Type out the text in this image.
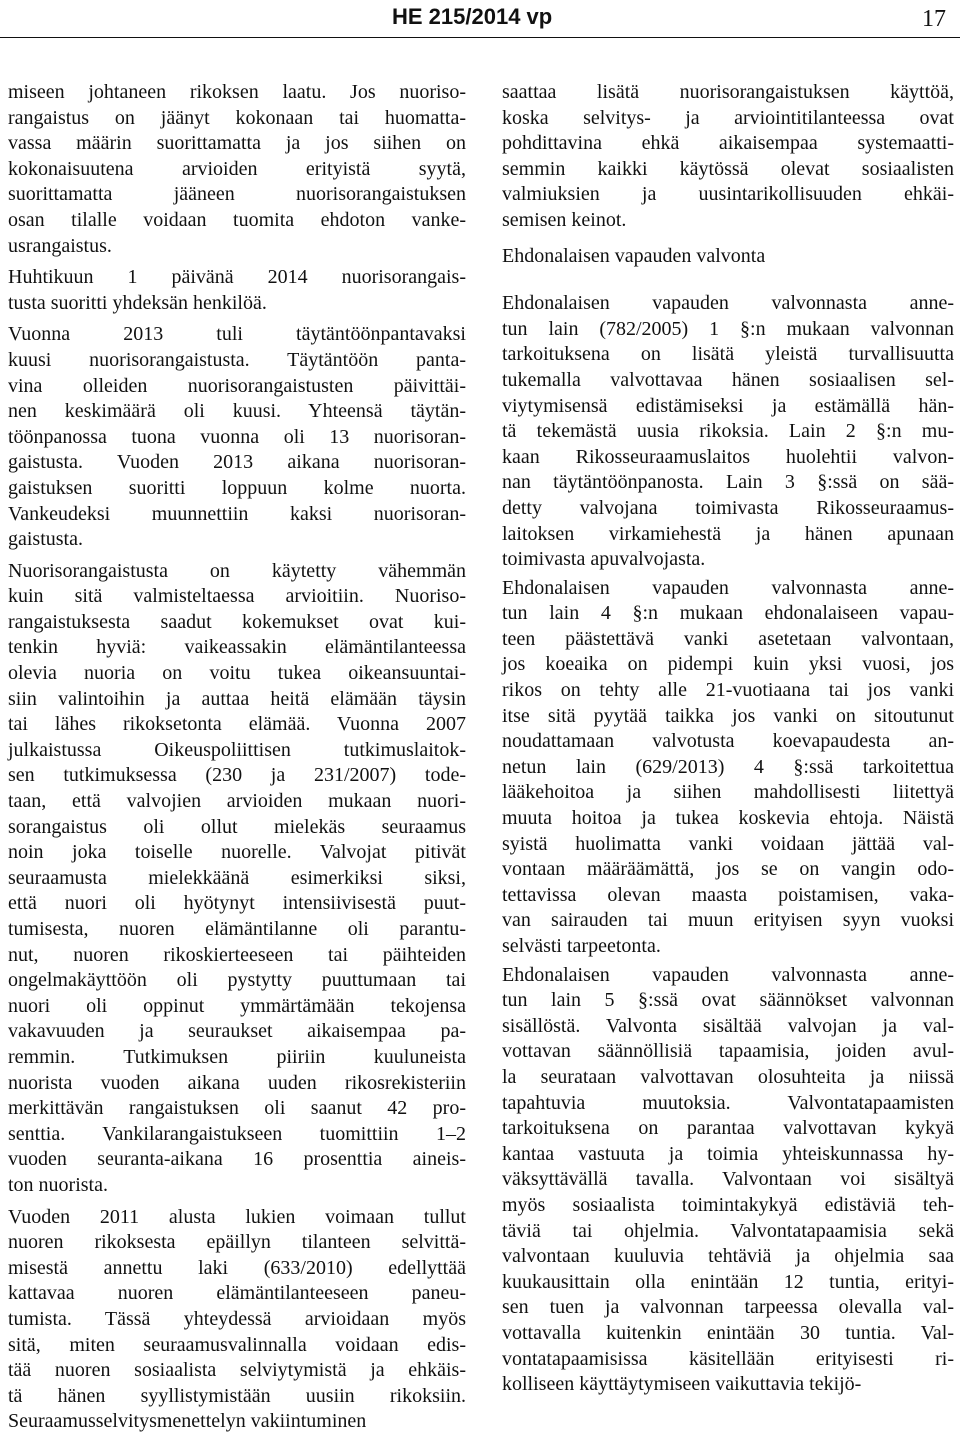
HE 215/2014 vp	17
miseen johtaneen rikoksen laatu. Jos nuoriso-
rangaistus on jäänyt kokonaan tai huomatta-
vassa määrin suorittamatta ja jos siihen on
kokonaisuutena arvioiden erityistä syytä,
suorittamatta jääneen nuorisorangaistuksen
osan tilalle voidaan tuomita ehdoton vanke-
usrangaistus.
Huhtikuun 1 päivänä 2014 nuorisorangais-
tusta suoritti yhdeksän henkilöä.
Vuonna 2013 tuli täytäntöönpantavaksi
kuusi nuorisorangaistusta. Täytäntöön panta-
vina olleiden nuorisorangaistusten päivittäi-
nen keskimäärä oli kuusi. Yhteensä täytän-
töönpanossa tuona vuonna oli 13 nuorisoran-
gaistusta. Vuoden 2013 aikana nuorisoran-
gaistuksen suoritti loppuun kolme nuorta.
Vankeudeksi muunnettiin kaksi nuorisoran-
gaistusta.
Nuorisorangaistusta on käytetty vähemmän
kuin sitä valmisteltaessa arvioitiin. Nuoriso-
rangaistuksesta saadut kokemukset ovat kui-
tenkin hyviä: vaikeassakin elämäntilanteessa
olevia nuoria on voitu tukea oikeansuuntai-
siin valintoihin ja auttaa heitä elämään täysin
tai lähes rikoksetonta elämää. Vuonna 2007
julkaistussa Oikeuspoliittisen tutkimuslaitok-
sen tutkimuksessa (230 ja 231/2007) tode-
taan, että valvojien arvioiden mukaan nuori-
sorangaistus oli ollut mielekäs seuraamus
noin joka toiselle nuorelle. Valvojat pitivät
seuraamusta mielekkäänä esimerkiksi siksi,
että nuori oli hyötynyt intensiivisestä puut-
tumisesta, nuoren elämäntilanne oli parantu-
nut, nuoren rikoskierteeseen tai päihteiden
ongelmakäyttöön oli pystytty puuttumaan tai
nuori oli oppinut ymmärtämään tekojensa
vakavuuden ja seuraukset aikaisempaa pa-
remmin. Tutkimuksen piiriin kuuluneista
nuorista vuoden aikana uuden rikosrekisteriin
merkittävän rangaistuksen oli saanut 42 pro-
senttia. Vankilarangaistukseen tuomittiin 1–2
vuoden seuranta-aikana 16 prosenttia aineis-
ton nuorista.
Vuoden 2011 alusta lukien voimaan tullut
nuoren rikoksesta epäillyn tilanteen selvittä-
misestä annettu laki (633/2010) edellyttää
kattavaa nuoren elämäntilanteeseen paneu-
tumista. Tässä yhteydessä arvioidaan myös
sitä, miten seuraamusvalinnalla voidaan edis-
tää nuoren sosiaalista selviytymistä ja ehkäis-
tä hänen syyllistymistään uusiin rikoksiin.
Seuraamusselvitysmenettelyn vakiintuminen
saattaa lisätä nuorisorangaistuksen käyttöä,
koska selvitys- ja arviointitilanteessa ovat
pohdittavina ehkä aikaisempaa systemaatti-
semmin kaikki käytössä olevat sosiaalisten
valmiuksien ja uusintarikollisuuden ehkäi-
semisen keinot.
Ehdonalaisen vapauden valvonta
Ehdonalaisen vapauden valvonnasta anne-
tun lain (782/2005) 1 §:n mukaan valvonnan
tarkoituksena on lisätä yleistä turvallisuutta
tukemalla valvottavaa hänen sosiaalisen sel-
viytymisensä edistämiseksi ja estämällä hän-
tä tekemästä uusia rikoksia. Lain 2 §:n mu-
kaan Rikosseuraamuslaitos huolehtii valvon-
nan täytäntöönpanosta. Lain 3 §:ssä on sää-
detty valvojana toimivasta Rikosseuraamus-
laitoksen virkamiehestä ja hänen apunaan
toimivasta apuvalvojasta.
Ehdonalaisen vapauden valvonnasta anne-
tun lain 4 §:n mukaan ehdonalaiseen vapau-
teen päästettävä vanki asetetaan valvontaan,
jos koeaika on pidempi kuin yksi vuosi, jos
rikos on tehty alle 21-vuotiaana tai jos vanki
itse sitä pyytää taikka jos vanki on sitoutunut
noudattamaan valvotusta koevapaudesta an-
netun lain (629/2013) 4 §:ssä tarkoitettua
lääkehoitoa ja siihen mahdollisesti liitettyä
muuta hoitoa ja tukea koskevia ehtoja. Näistä
syistä huolimatta vanki voidaan jättää val-
vontaan määräämättä, jos se on vangin odo-
tettavissa olevan maasta poistamisen, vaka-
van sairauden tai muun erityisen syyn vuoksi
selvästi tarpeetonta.
Ehdonalaisen vapauden valvonnasta anne-
tun lain 5 §:ssä ovat säännökset valvonnan
sisällöstä. Valvonta sisältää valvojan ja val-
vottavan säännöllisiä tapaamisia, joiden avul-
la seurataan valvottavan olosuhteita ja niissä
tapahtuvia muutoksia. Valvontatapaamisten
tarkoituksena on parantaa valvottavan kykyä
kantaa vastuuta ja toimia yhteiskunnassa hy-
väksyttävällä tavalla. Valvontaan voi sisältyä
myös sosiaalista toimintakykyä edistäviä teh-
täviä tai ohjelmia. Valvontatapaamisia sekä
valvontaan kuuluvia tehtäviä ja ohjelmia saa
kuukausittain olla enintään 12 tuntia, erityi-
sen tuen ja valvonnan tarpeessa olevalla val-
vottavalla kuitenkin enintään 30 tuntia. Val-
vontatapaamisissa käsitellään erityisesti ri-
kolliseen käyttäytymiseen vaikuttavia tekijö-
